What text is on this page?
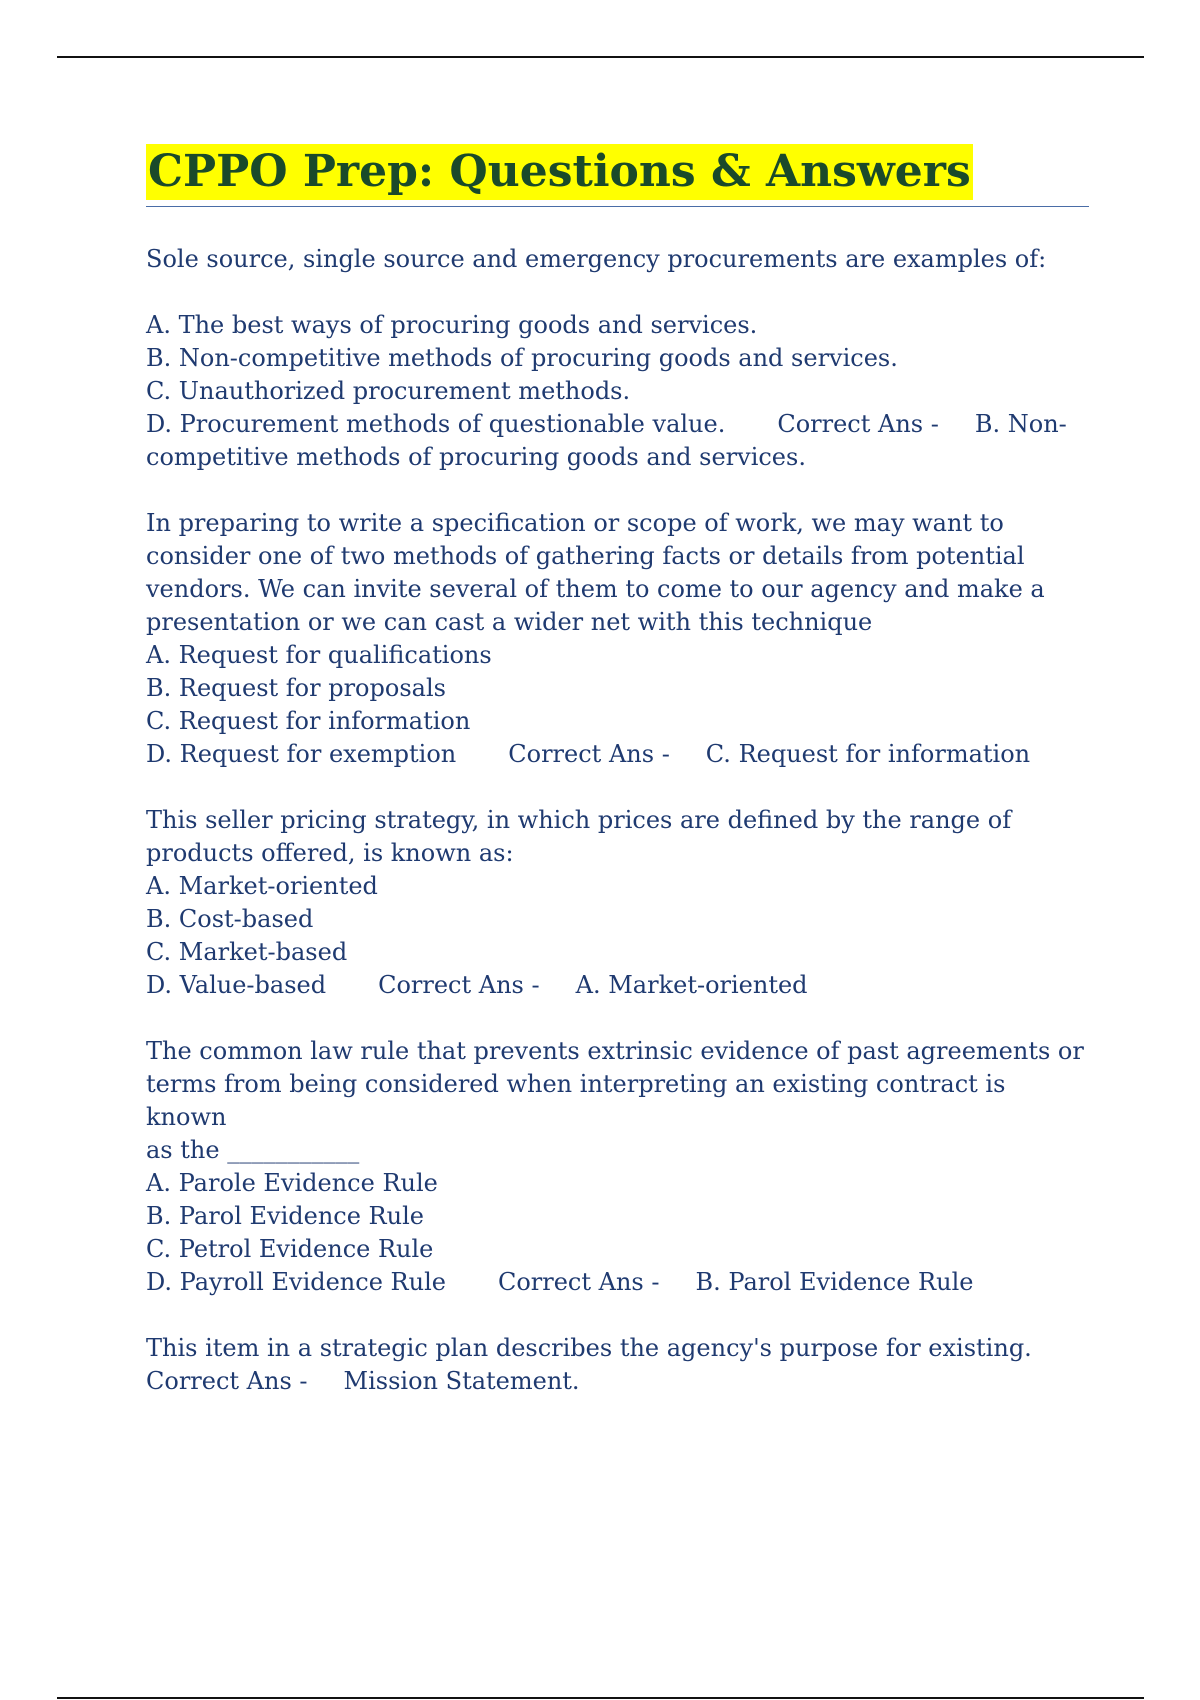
CPPO Prep: Questions & Answers

Sole source, single source and emergency procurements are examples of:

A. The best ways of procuring goods and services.

B. Non-competitive methods of procuring goods and services.

C. Unauthorized procurement methods.

D. Procurement methods of questionable value. Correct Ans - B. Non-

competitive methods of procuring goods and services.

In preparing to write a specification or scope of work, we may want to

consider one of two methods of gathering facts or details from potential

vendors. We can invite several of them to come to our agency and make a

presentation or we can cast a wider net with this technique

A. Request for qualifications

B. Request for proposals

C. Request for information

D. Request for exemption Correct Ans - C. Request for information

This seller pricing strategy, in which prices are defined by the range of

products offered, is known as:

A. Market-oriented

B. Cost-based

C. Market-based

D. Value-based Correct Ans - A. Market-oriented

The common law rule that prevents extrinsic evidence of past agreements or

terms from being considered when interpreting an existing contract is known

as the ___________

A. Parole Evidence Rule

B. Parol Evidence Rule

C. Petrol Evidence Rule

D. Payroll Evidence Rule Correct Ans - B. Parol Evidence Rule

This item in a strategic plan describes the agency's purpose for existing.

Correct Ans - Mission Statement.
